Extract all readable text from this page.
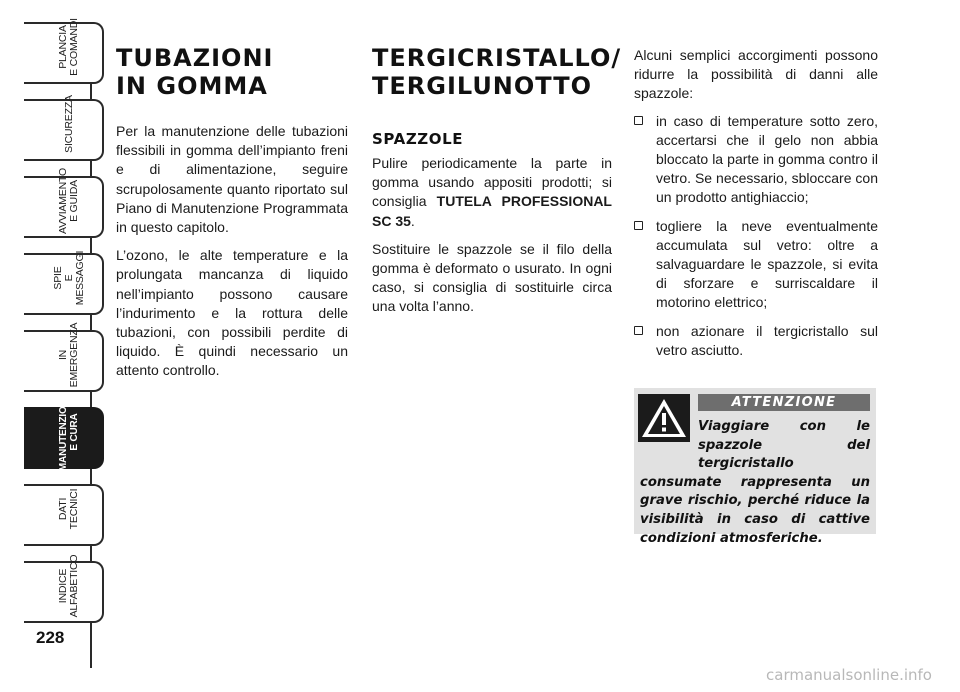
PLANCIA E COMANDI
SICUREZZA
AVVIAMENTO E GUIDA
SPIE E MESSAGGI
IN EMERGENZA
MANUTENZIONE E CURA
DATI TECNICI
INDICE ALFABETICO
228
TUBAZIONI
IN GOMMA

Per la manutenzione delle tubazioni flessibili in gomma dell’impianto freni e di alimentazione, seguire scrupolosamente quanto riportato sul Piano di Manutenzione Programmata in questo capitolo.

L’ozono, le alte temperature e la prolungata mancanza di liquido nell’impianto possono causare l’indurimento e la rottura delle tubazioni, con possibili perdite di liquido. È quindi necessario un attento controllo.

TERGICRISTALLO/
TERGILUNOTTO
SPAZZOLE

Pulire periodicamente la parte in gomma usando appositi prodotti; si consiglia TUTELA PROFESSIONAL SC 35.

Sostituire le spazzole se il filo della gomma è deformato o usurato. In ogni caso, si consiglia di sostituirle circa una volta l’anno.

Alcuni semplici accorgimenti possono ridurre la possibilità di danni alle spazzole:

in caso di temperature sotto zero, accertarsi che il gelo non abbia bloccato la parte in gomma contro il vetro. Se necessario, sbloccare con un prodotto antighiaccio;
togliere la neve eventualmente accumulata sul vetro: oltre a salvaguardare le spazzole, si evita di sforzare e surriscaldare il motorino elettrico;
non azionare il tergicristallo sul vetro asciutto.
ATTENZIONE
Viaggiare con le spazzole del tergicristallo consumate rappresenta un grave rischio, perché riduce la visibilità in caso di cattive condizioni atmosferiche.
carmanualsonline.info
